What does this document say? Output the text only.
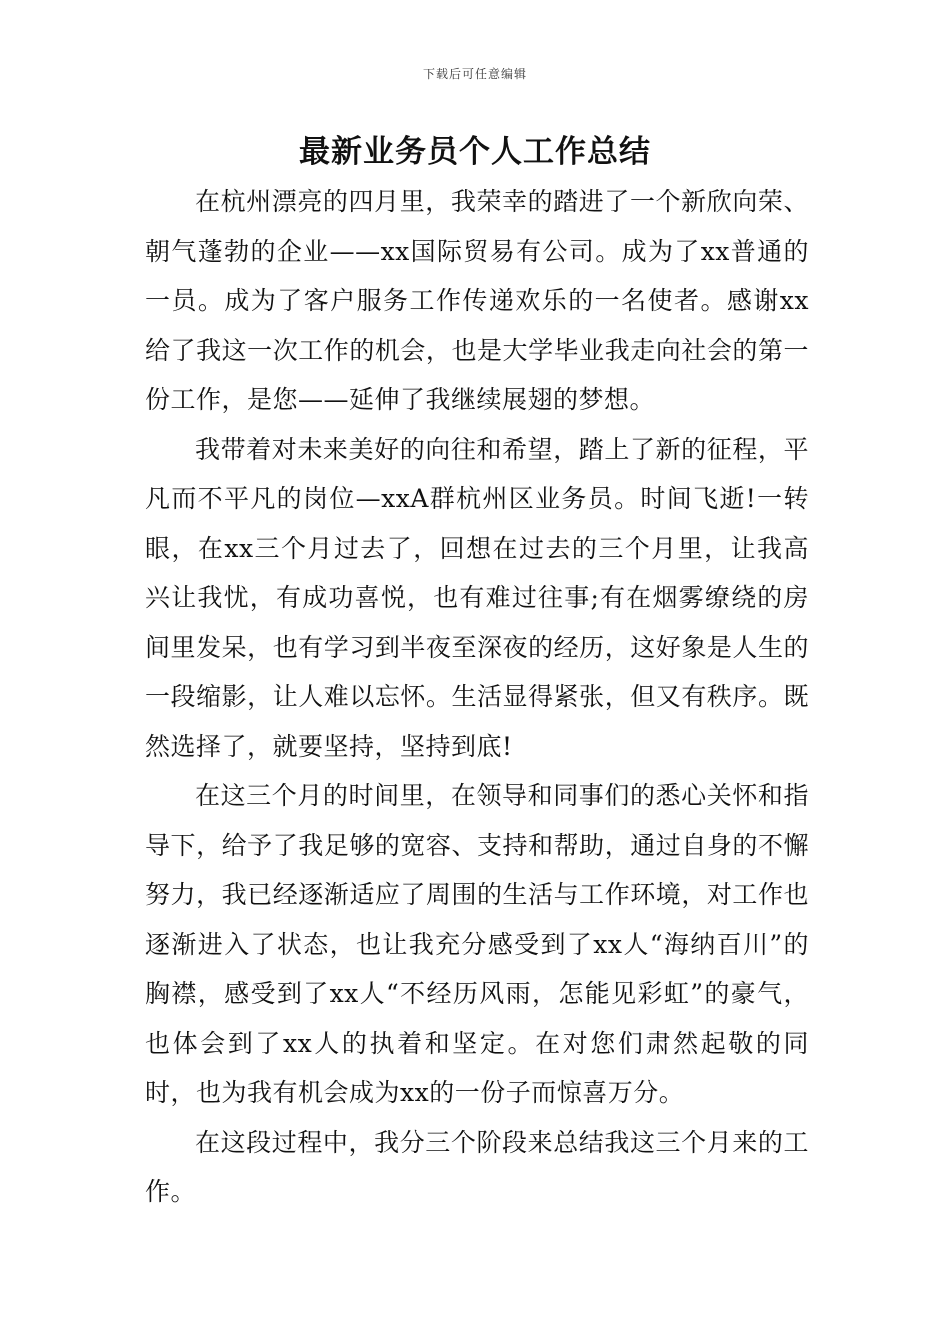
下载后可任意编辑
最新业务员个人工作总结

在杭州漂亮的四月里，我荣幸的踏进了一个新欣向荣、朝气蓬勃的企业——xx国际贸易有公司。成为了xx普通的一员。成为了客户服务工作传递欢乐的一名使者。感谢xx给了我这一次工作的机会，也是大学毕业我走向社会的第一份工作，是您——延伸了我继续展翅的梦想。

我带着对未来美好的向往和希望，踏上了新的征程，平凡而不平凡的岗位—xxA群杭州区业务员。时间飞逝!一转眼，在xx三个月过去了，回想在过去的三个月里，让我高兴让我忧，有成功喜悦，也有难过往事;有在烟雾缭绕的房间里发呆，也有学习到半夜至深夜的经历，这好象是人生的一段缩影，让人难以忘怀。生活显得紧张，但又有秩序。既然选择了，就要坚持，坚持到底!

在这三个月的时间里，在领导和同事们的悉心关怀和指导下，给予了我足够的宽容、支持和帮助，通过自身的不懈努力，我已经逐渐适应了周围的生活与工作环境，对工作也逐渐进入了状态，也让我充分感受到了xx人“海纳百川”的胸襟，感受到了xx人“不经历风雨，怎能见彩虹”的豪气，也体会到了xx人的执着和坚定。在对您们肃然起敬的同时，也为我有机会成为xx的一份子而惊喜万分。

在这段过程中，我分三个阶段来总结我这三个月来的工作。
